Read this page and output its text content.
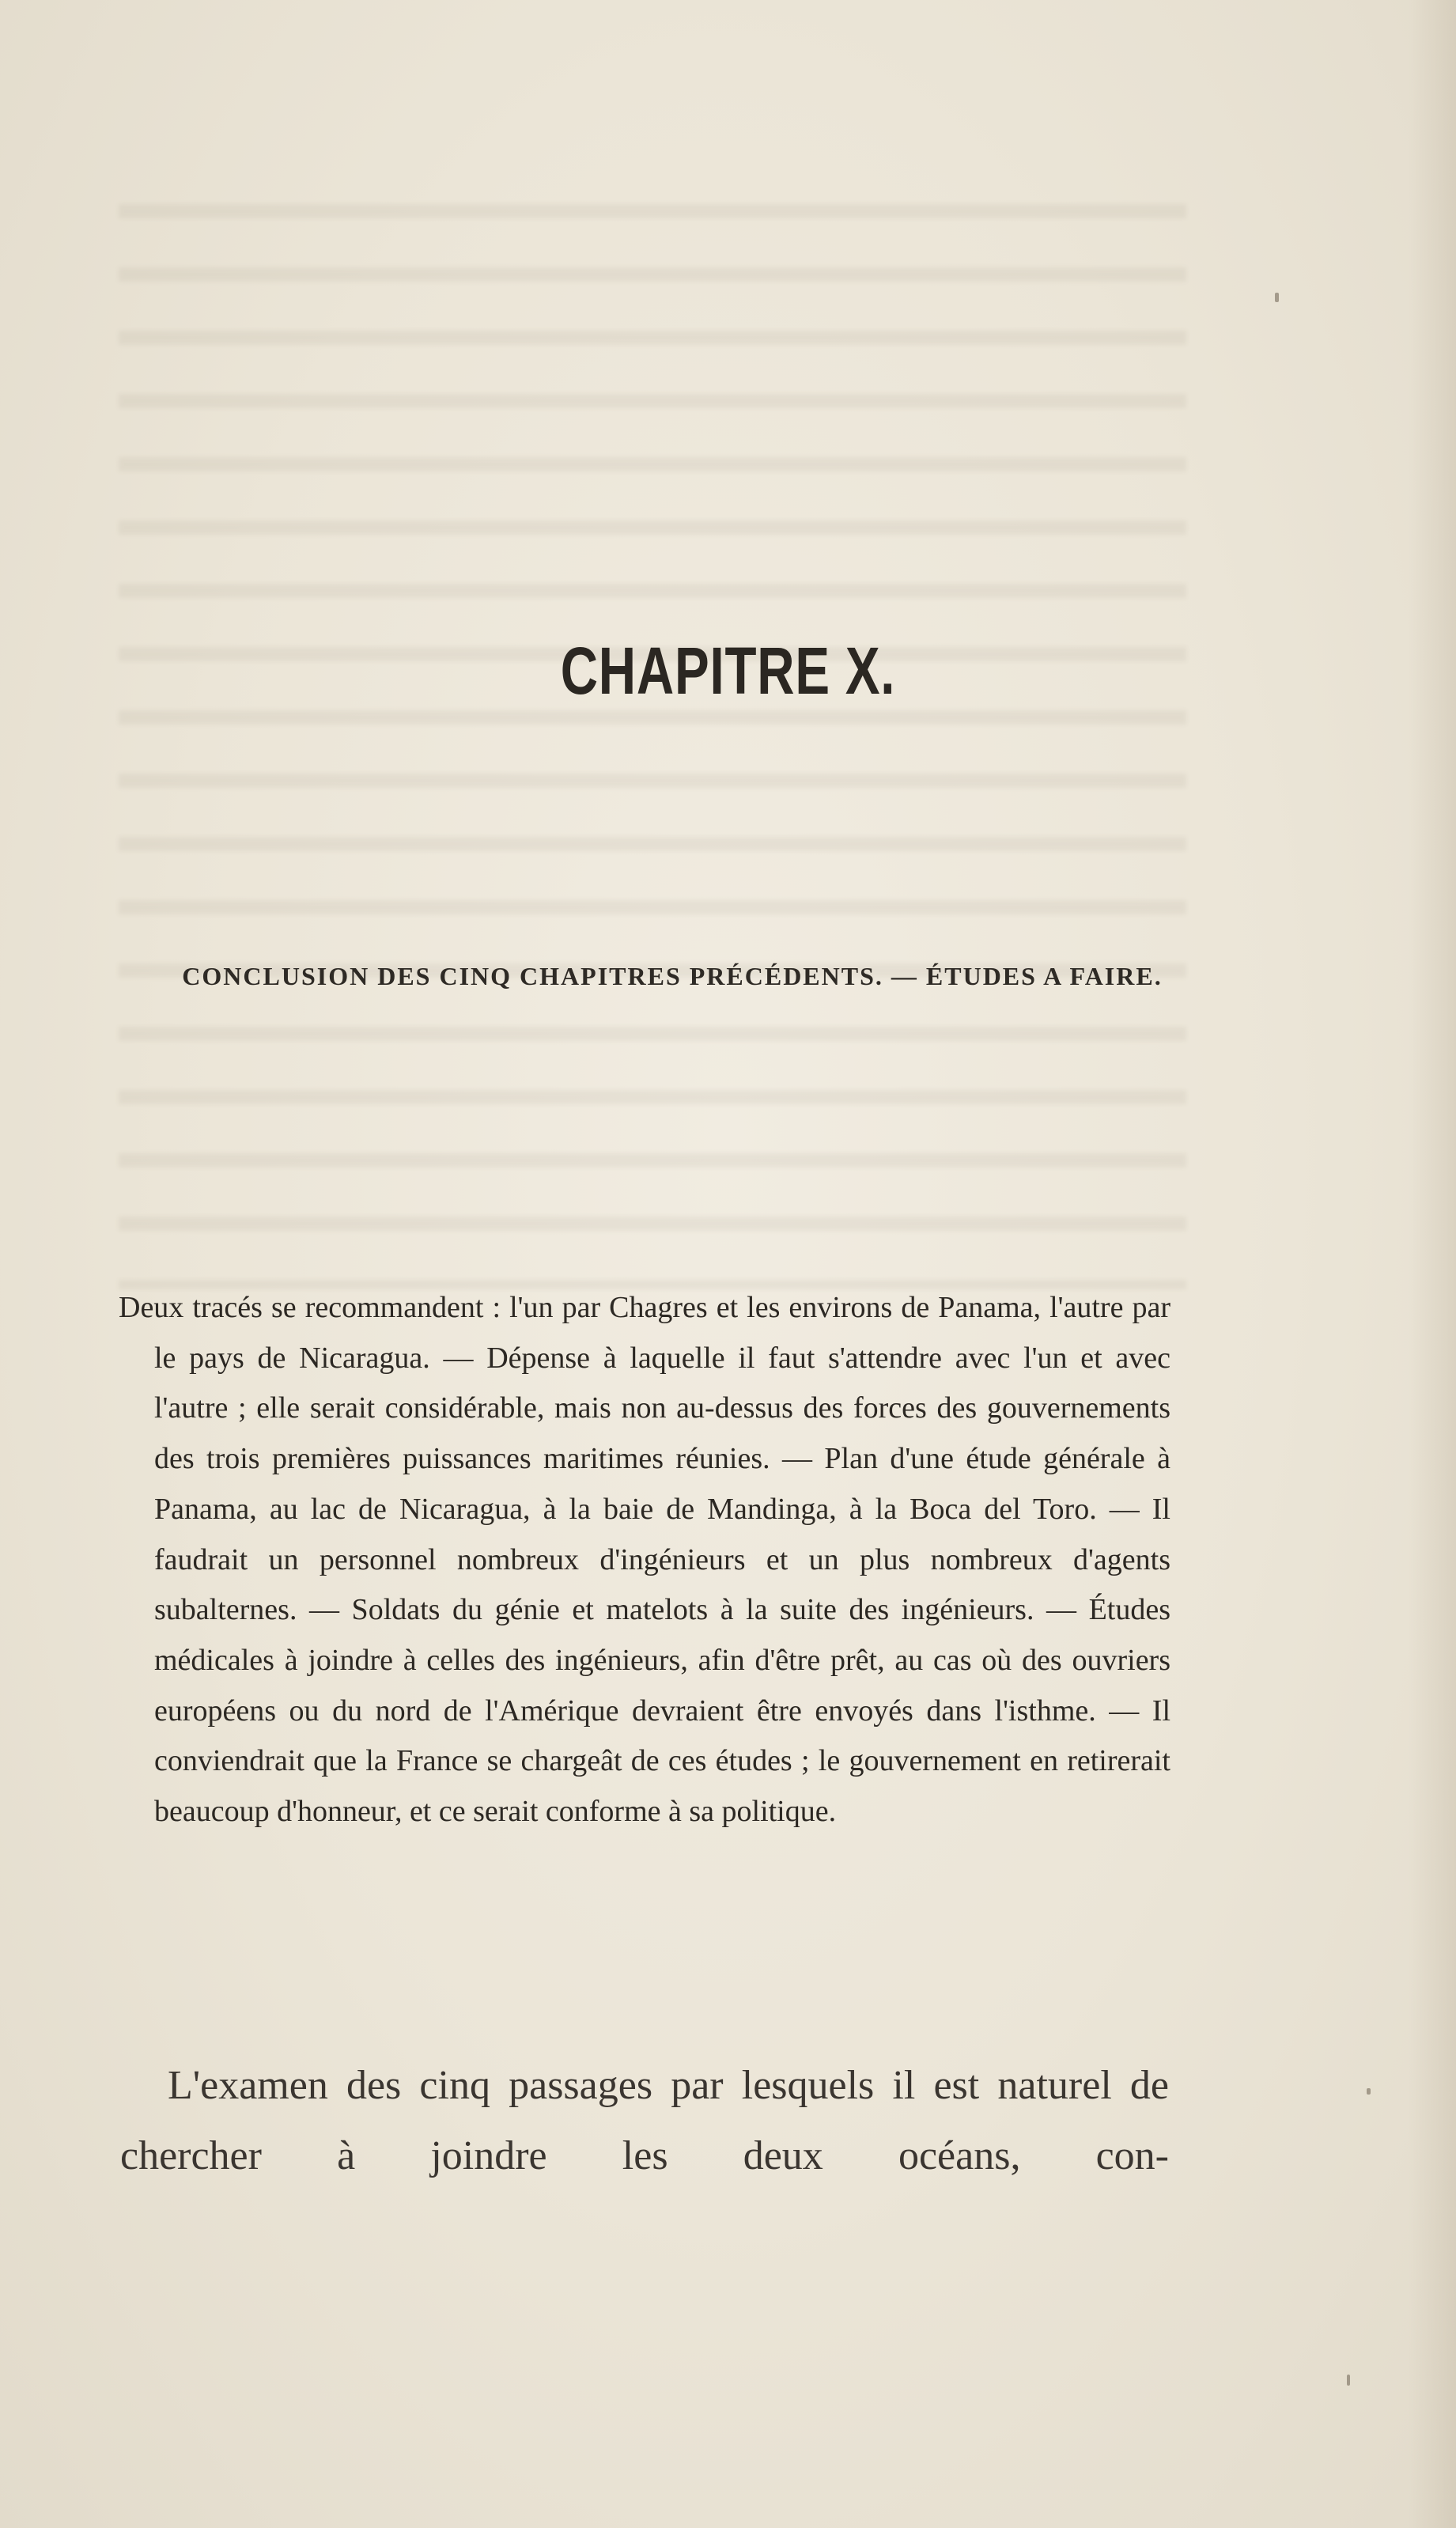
CHAPITRE X.
CONCLUSION DES CINQ CHAPITRES PRÉCÉDENTS. — ÉTUDES A FAIRE.

Deux tracés se recommandent : l'un par Chagres et les environs de Panama, l'autre par le pays de Nicaragua. — Dépense à laquelle il faut s'attendre avec l'un et avec l'autre ; elle serait considérable, mais non au-dessus des forces des gouvernements des trois premières puissances maritimes réunies. — Plan d'une étude générale à Panama, au lac de Nicaragua, à la baie de Mandinga, à la Boca del Toro. — Il faudrait un personnel nombreux d'ingénieurs et un plus nombreux d'agents subalternes. — Soldats du génie et matelots à la suite des ingénieurs. — Études médicales à joindre à celles des ingénieurs, afin d'être prêt, au cas où des ouvriers européens ou du nord de l'Amérique devraient être envoyés dans l'isthme. — Il conviendrait que la France se chargeât de ces études ; le gouvernement en retirerait beaucoup d'honneur, et ce serait conforme à sa politique.

L'examen des cinq passages par lesquels il est naturel de chercher à joindre les deux océans, con-
